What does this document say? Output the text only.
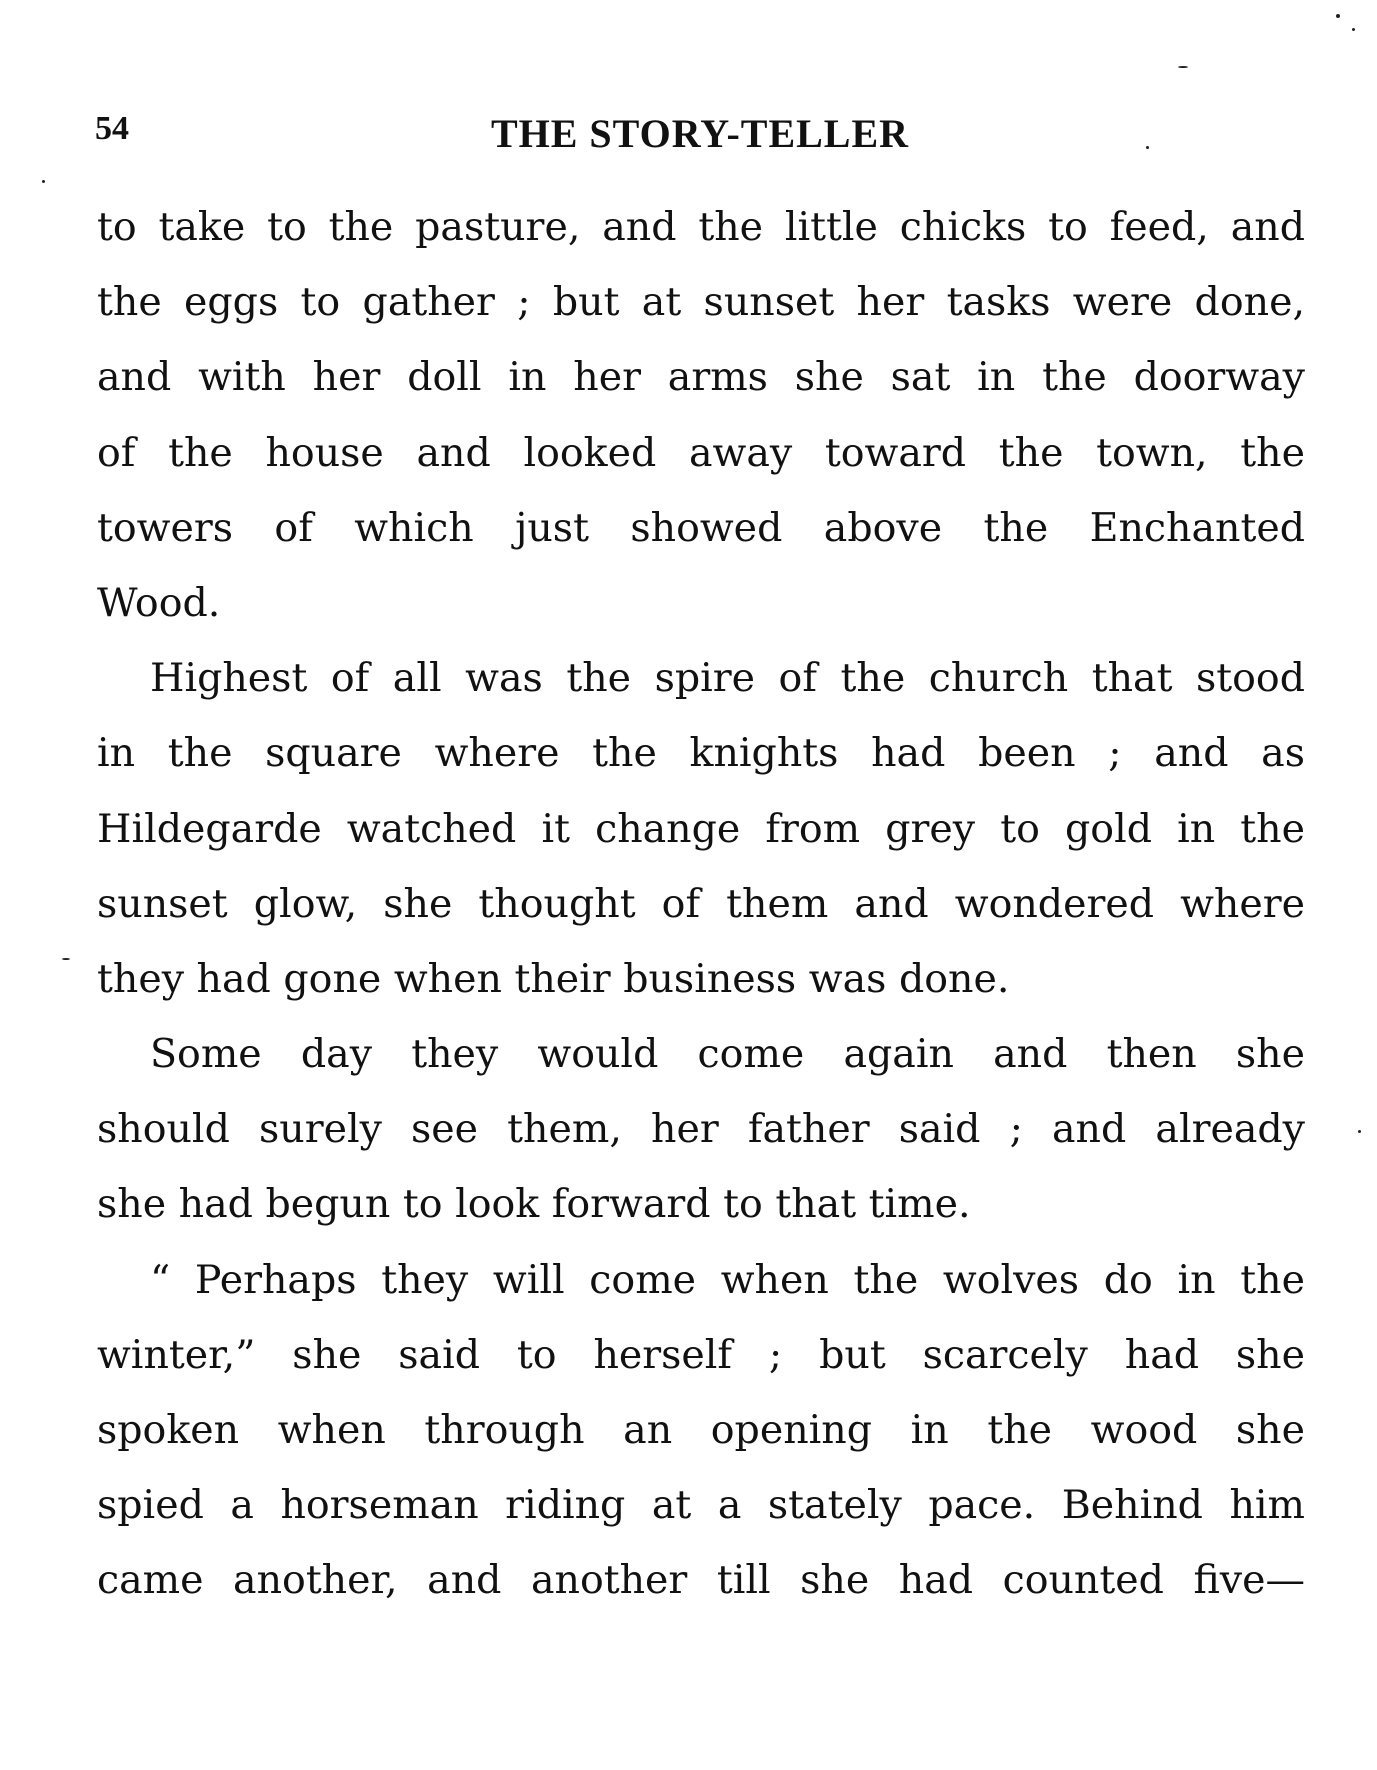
54	THE STORY-TELLER

to take to the pasture, and the little chicks to feed, and
the eggs to gather ; but at sunset her tasks were done,
and with her doll in her arms she sat in the doorway
of the house and looked away toward the town, the
towers of which just showed above the Enchanted
Wood.

Highest of all was the spire of the church that stood
in the square where the knights had been ; and as
Hildegarde watched it change from grey to gold in the
sunset glow, she thought of them and wondered where
they had gone when their business was done.

Some day they would come again and then she
should surely see them, her father said ; and already
she had begun to look forward to that time.

“ Perhaps they will come when the wolves do in the
winter,” she said to herself ; but scarcely had she
spoken when through an opening in the wood she
spied a horseman riding at a stately pace. Behind him
came another, and another till she had counted five—
